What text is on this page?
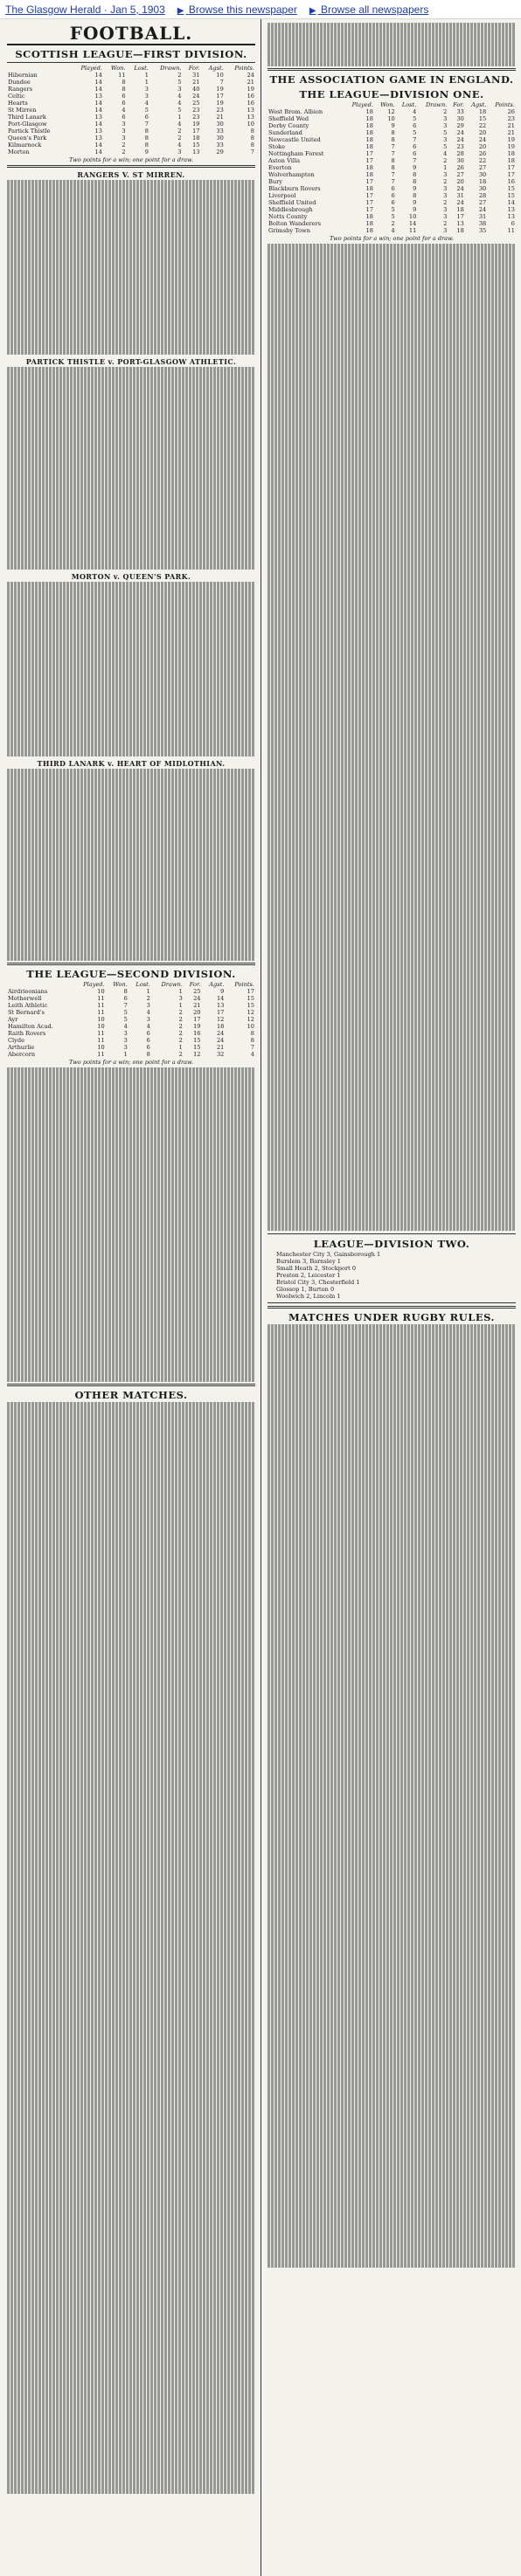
The Glasgow Herald · Jan 5, 1903 ▶ Browse this newspaper ▶ Browse all newspapers
FOOTBALL.
SCOTTISH LEAGUE—FIRST DIVISION.
	Played.	Won.	Lost.	Drawn.	For.	Agst.	Points.
Hibernian	14	11	1	2	31	10	24
Dundee	14	8	1	5	21	7	21
Rangers	14	8	3	3	40	19	19
Celtic	13	6	3	4	24	17	16
Hearts	14	6	4	4	25	19	16
St Mirren	14	4	5	5	23	23	13
Third Lanark	13	6	6	1	23	21	13
Port-Glasgow	14	3	7	4	19	30	10
Partick Thistle	13	3	8	2	17	33	8
Queen's Park	13	3	8	2	18	30	8
Kilmarnock	14	2	8	4	15	33	8
Morton	14	2	9	3	13	29	7
Two points for a win; one point for a draw.
RANGERS V. ST MIRREN.
PARTICK THISTLE v. PORT-GLASGOW ATHLETIC.
MORTON v. QUEEN'S PARK.
THIRD LANARK v. HEART OF MIDLOTHIAN.
THE LEAGUE—SECOND DIVISION.
	Played.	Won.	Lost.	Drawn.	For.	Agst.	Points.
Airdrieonians	10	8	1	1	25	9	17
Motherwell	11	6	2	3	24	14	15
Leith Athletic	11	7	3	1	21	13	15
St Bernard's	11	5	4	2	20	17	12
Ayr	10	5	3	2	17	12	12
Hamilton Acad.	10	4	4	2	19	18	10
Raith Rovers	11	3	6	2	16	24	8
Clyde	11	3	6	2	15	24	8
Arthurlie	10	3	6	1	15	21	7
Abercorn	11	1	8	2	12	32	4
Two points for a win; one point for a draw.
OTHER MATCHES.
THE ASSOCIATION GAME IN ENGLAND.
THE LEAGUE—DIVISION ONE.
	Played.	Won.	Lost.	Drawn.	For.	Agst.	Points.
West Brom. Albion	18	12	4	2	33	18	26
Sheffield Wed	18	10	5	3	30	15	23
Derby County	18	9	6	3	29	22	21
Sunderland	18	8	5	5	24	20	21
Newcastle United	18	8	7	3	24	24	19
Stoke	18	7	6	5	23	20	19
Nottingham Forest	17	7	6	4	28	26	18
Aston Villa	17	8	7	2	30	22	18
Everton	18	8	9	1	26	27	17
Wolverhampton	18	7	8	3	27	30	17
Bury	17	7	8	2	20	18	16
Blackburn Rovers	18	6	9	3	24	30	15
Liverpool	17	6	8	3	31	28	15
Sheffield United	17	6	9	2	24	27	14
Middlesbrough	17	5	9	3	18	24	13
Notts County	18	5	10	3	17	31	13
Bolton Wanderers	18	2	14	2	13	38	6
Grimsby Town	18	4	11	3	18	35	11
Two points for a win; one point for a draw.
LEAGUE—DIVISION TWO.
Manchester City 3, Gainsborough 1
Burslem 3, Barnsley 1
Small Heath 2, Stockport 0
Preston 2, Leicester 1
Bristol City 3, Chesterfield 1
Glossop 1, Burton 0
Woolwich 2, Lincoln 1
MATCHES UNDER RUGBY RULES.
